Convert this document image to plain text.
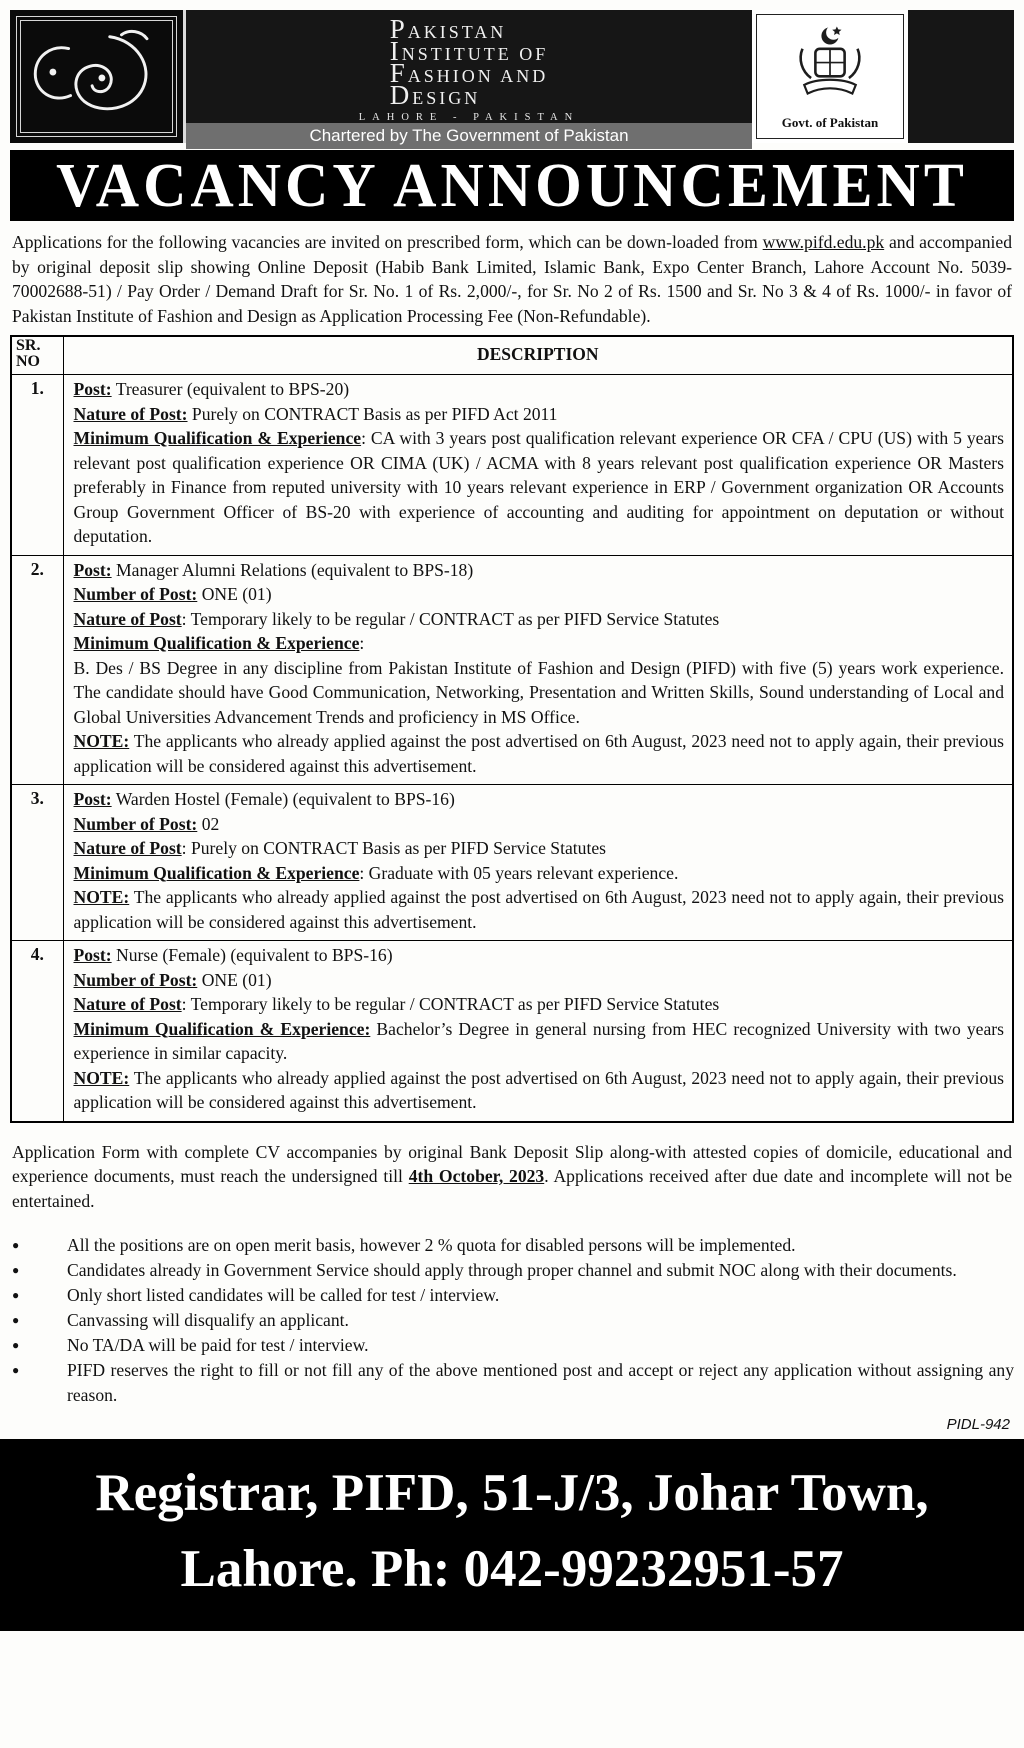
PAKISTAN
INSTITUTE OF
FASHION AND
DESIGN
LAHORE - PAKISTAN
Chartered by The Government of Pakistan
Govt. of Pakistan
VACANCY ANNOUNCEMENT

Applications for the following vacancies are invited on prescribed form, which can be down-loaded from www.pifd.edu.pk and accompanied by original deposit slip showing Online Deposit (Habib Bank Limited, Islamic Bank, Expo Center Branch, Lahore Account No. 5039-70002688-51) / Pay Order / Demand Draft for Sr. No. 1 of Rs. 2,000/-, for Sr. No 2 of Rs. 1500 and Sr. No 3 & 4 of Rs. 1000/- in favor of Pakistan Institute of Fashion and Design as Application Processing Fee (Non-Refundable).

SR.
NO	DESCRIPTION
1.	Post: Treasurer (equivalent to BPS-20)
Nature of Post: Purely on CONTRACT Basis as per PIFD Act 2011
Minimum Qualification & Experience: CA with 3 years post qualification relevant experience OR CFA / CPU (US) with 5 years relevant post qualification experience OR CIMA (UK) / ACMA with 8 years relevant post qualification experience OR Masters preferably in Finance from reputed university with 10 years relevant experience in ERP / Government organization OR Accounts Group Government Officer of BS-20 with experience of accounting and auditing for appointment on deputation or without deputation.

2.	Post: Manager Alumni Relations (equivalent to BPS-18)
Number of Post: ONE (01)
Nature of Post: Temporary likely to be regular / CONTRACT as per PIFD Service Statutes
Minimum Qualification & Experience:
B. Des / BS Degree in any discipline from Pakistan Institute of Fashion and Design (PIFD) with five (5) years work experience. The candidate should have Good Communication, Networking, Presentation and Written Skills, Sound understanding of Local and Global Universities Advancement Trends and proficiency in MS Office.
NOTE: The applicants who already applied against the post advertised on 6th August, 2023 need not to apply again, their previous application will be considered against this advertisement.

3.	Post: Warden Hostel (Female) (equivalent to BPS-16)
Number of Post: 02
Nature of Post: Purely on CONTRACT Basis as per PIFD Service Statutes
Minimum Qualification & Experience: Graduate with 05 years relevant experience.
NOTE: The applicants who already applied against the post advertised on 6th August, 2023 need not to apply again, their previous application will be considered against this advertisement.

4.	Post: Nurse (Female) (equivalent to BPS-16)
Number of Post: ONE (01)
Nature of Post: Temporary likely to be regular / CONTRACT as per PIFD Service Statutes
Minimum Qualification & Experience: Bachelor’s Degree in general nursing from HEC recognized University with two years experience in similar capacity.
NOTE: The applicants who already applied against the post advertised on 6th August, 2023 need not to apply again, their previous application will be considered against this advertisement.

Application Form with complete CV accompanies by original Bank Deposit Slip along-with attested copies of domicile, educational and experience documents, must reach the undersigned till 4th October, 2023. Applications received after due date and incomplete will not be entertained.

● All the positions are on open merit basis, however 2 % quota for disabled persons will be implemented.
● Candidates already in Government Service should apply through proper channel and submit NOC along with their documents.
● Only short listed candidates will be called for test / interview.
● Canvassing will disqualify an applicant.
● No TA/DA will be paid for test / interview.
● PIFD reserves the right to fill or not fill any of the above mentioned post and accept or reject any application without assigning any reason.
PIDL-942
Registrar, PIFD, 51-J/3, Johar Town,
Lahore. Ph: 042-99232951-57
